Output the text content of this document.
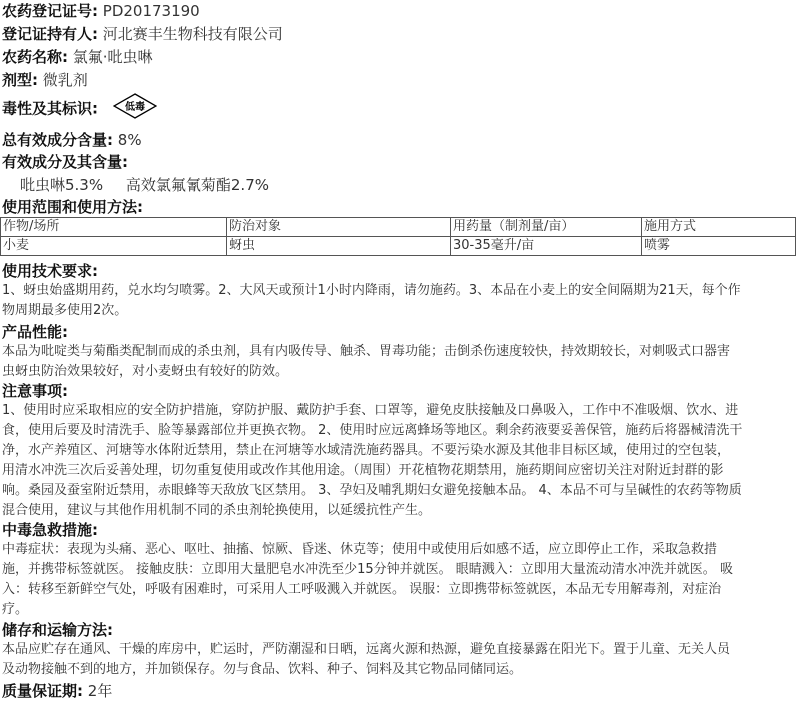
农药登记证号: PD20173190
登记证持有人: 河北赛丰生物科技有限公司
农药名称: 氯氟·吡虫啉
剂型: 微乳剂
毒性及其标识:	低毒
总有效成分含量: 8%
有效成分及其含量:
吡虫啉5.3% 高效氯氟氰菊酯2.7%
使用范围和使用方法:
作物/场所	防治对象	用药量（制剂量/亩）	施用方式
小麦	蚜虫	30-35毫升/亩	喷雾
使用技术要求:
1、蚜虫始盛期用药，兑水均匀喷雾。2、大风天或预计1小时内降雨，请勿施药。3、本品在小麦上的安全间隔期为21天，每个作
物周期最多使用2次。
产品性能:
本品为吡啶类与菊酯类配制而成的杀虫剂，具有内吸传导、触杀、胃毒功能；击倒杀伤速度较快，持效期较长，对刺吸式口器害
虫蚜虫防治效果较好，对小麦蚜虫有较好的防效。
注意事项:
1、使用时应采取相应的安全防护措施，穿防护服、戴防护手套、口罩等，避免皮肤接触及口鼻吸入，工作中不准吸烟、饮水、进
食，使用后要及时清洗手、脸等暴露部位并更换衣物。 2、使用时应远离蜂场等地区。剩余药液要妥善保管，施药后将器械清洗干
净，水产养殖区、河塘等水体附近禁用，禁止在河塘等水域清洗施药器具。不要污染水源及其他非目标区域，使用过的空包装，
用清水冲洗三次后妥善处理，切勿重复使用或改作其他用途。（周围）开花植物花期禁用，施药期间应密切关注对附近封群的影
响。桑园及蚕室附近禁用，赤眼蜂等天敌放飞区禁用。 3、孕妇及哺乳期妇女避免接触本品。 4、本品不可与呈碱性的农药等物质
混合使用，建议与其他作用机制不同的杀虫剂轮换使用，以延缓抗性产生。
中毒急救措施:
中毒症状：表现为头痛、恶心、呕吐、抽搐、惊厥、昏迷、休克等；使用中或使用后如感不适，应立即停止工作，采取急救措
施，并携带标签就医。 接触皮肤：立即用大量肥皂水冲洗至少15分钟并就医。 眼睛溅入：立即用大量流动清水冲洗并就医。 吸
入：转移至新鲜空气处，呼吸有困难时，可采用人工呼吸溅入并就医。 误服：立即携带标签就医，本品无专用解毒剂，对症治
疗。
储存和运输方法:
本品应贮存在通风、干燥的库房中，贮运时，严防潮湿和日晒，远离火源和热源，避免直接暴露在阳光下。置于儿童、无关人员
及动物接触不到的地方，并加锁保存。勿与食品、饮料、种子、饲料及其它物品同储同运。
质量保证期: 2年
